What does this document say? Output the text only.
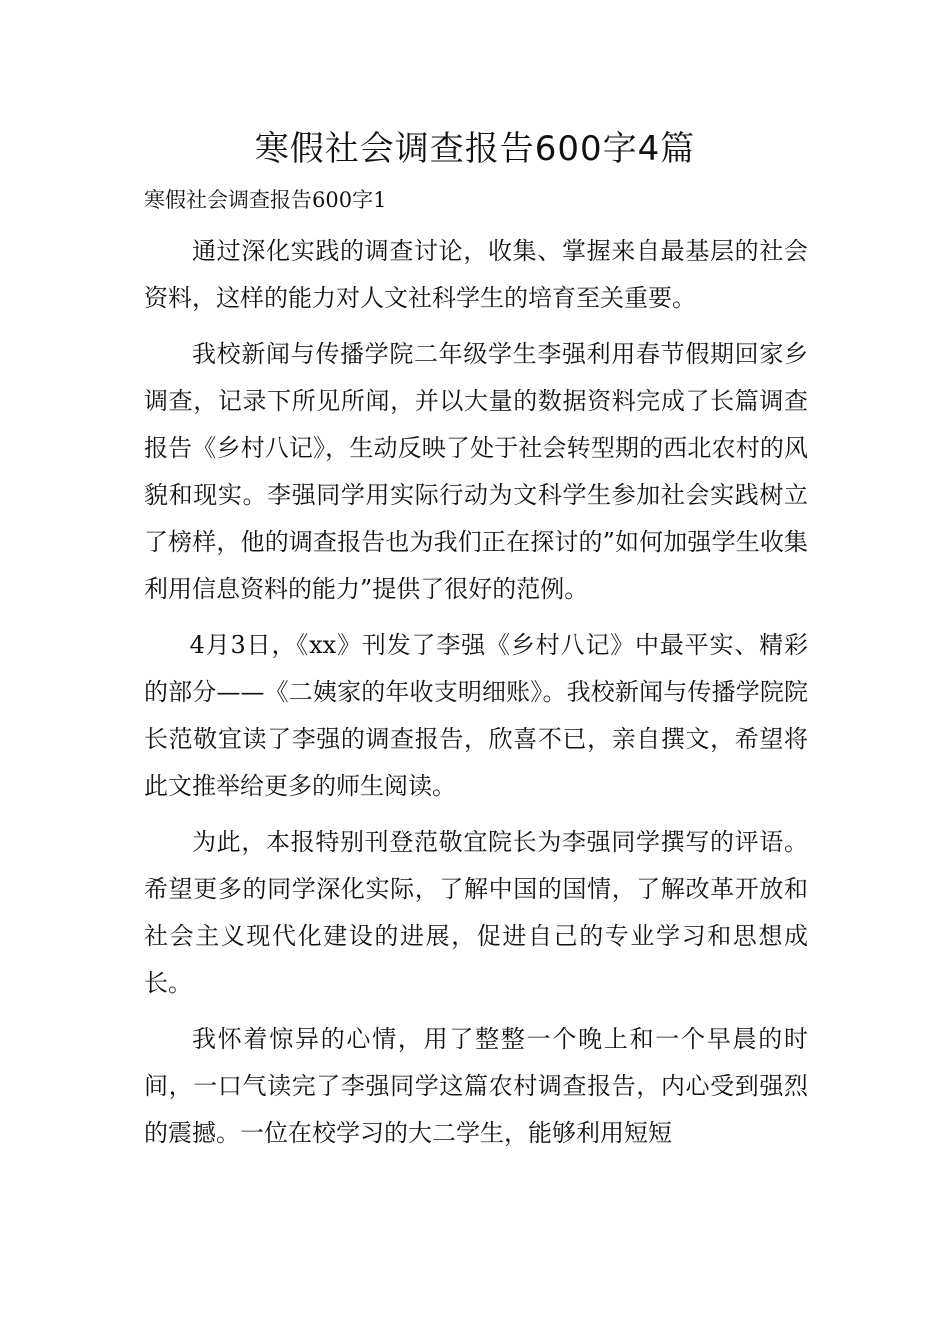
寒假社会调查报告600字4篇
寒假社会调查报告600字1

通过深化实践的调查讨论，收集、掌握来自最基层的社会资料，这样的能力对人文社科学生的培育至关重要。

我校新闻与传播学院二年级学生李强利用春节假期回家乡调查，记录下所见所闻，并以大量的数据资料完成了长篇调查报告《乡村八记》，生动反映了处于社会转型期的西北农村的风貌和现实。李强同学用实际行动为文科学生参加社会实践树立了榜样，他的调查报告也为我们正在探讨的”如何加强学生收集利用信息资料的能力”提供了很好的范例。

4月3日，《xx》刊发了李强《乡村八记》中最平实、精彩的部分——《二姨家的年收支明细账》。我校新闻与传播学院院长范敬宜读了李强的调查报告，欣喜不已，亲自撰文，希望将此文推举给更多的师生阅读。

为此，本报特别刊登范敬宜院长为李强同学撰写的评语。希望更多的同学深化实际，了解中国的国情，了解改革开放和社会主义现代化建设的进展，促进自己的专业学习和思想成长。

我怀着惊异的心情，用了整整一个晚上和一个早晨的时间，一口气读完了李强同学这篇农村调查报告，内心受到强烈的震撼。一位在校学习的大二学生，能够利用短短
